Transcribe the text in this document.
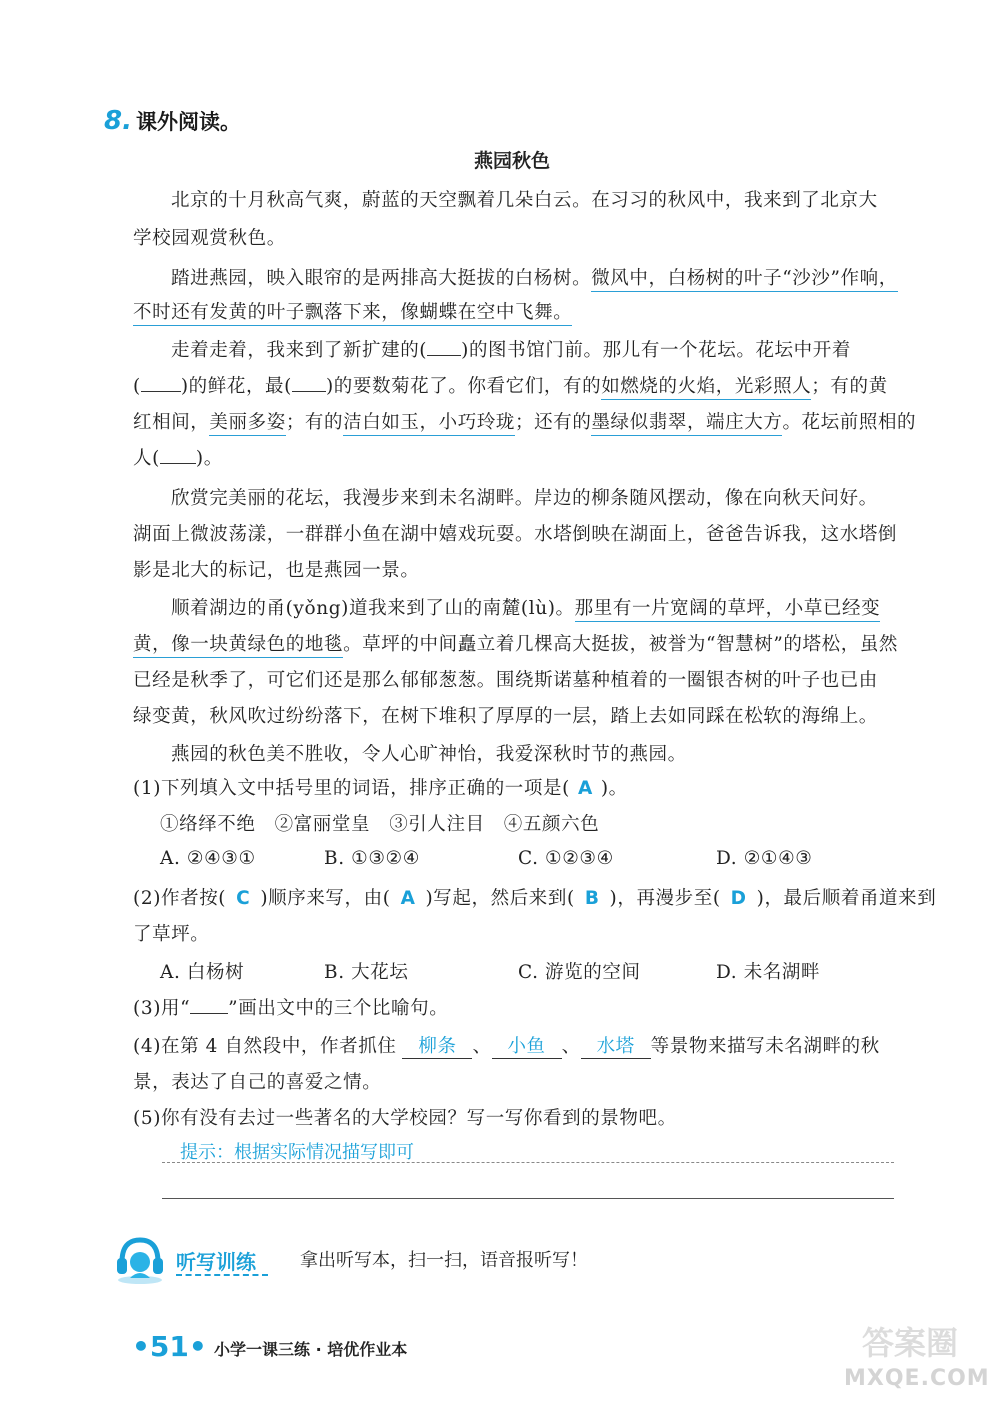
8. 课外阅读。
燕园秋色
北京的十月秋高气爽，蔚蓝的天空飘着几朵白云。在习习的秋风中，我来到了北京大
学校园观赏秋色。
踏进燕园，映入眼帘的是两排高大挺拔的白杨树。微风中，白杨树的叶子“沙沙”作响，
不时还有发黄的叶子飘落下来，像蝴蝶在空中飞舞。
走着走着，我来到了新扩建的( )的图书馆门前。那儿有一个花坛。花坛中开着
( )的鲜花，最( )的要数菊花了。你看它们，有的如燃烧的火焰，光彩照人；有的黄
红相间，美丽多姿；有的洁白如玉，小巧玲珑；还有的墨绿似翡翠，端庄大方。花坛前照相的
人( )。
欣赏完美丽的花坛，我漫步来到未名湖畔。岸边的柳条随风摆动，像在向秋天问好。
湖面上微波荡漾，一群群小鱼在湖中嬉戏玩耍。水塔倒映在湖面上，爸爸告诉我，这水塔倒
影是北大的标记，也是燕园一景。
顺着湖边的甬(yǒng)道我来到了山的南麓(lù)。那里有一片宽阔的草坪，小草已经变
黄，像一块黄绿色的地毯。草坪的中间矗立着几棵高大挺拔，被誉为“智慧树”的塔松，虽然
已经是秋季了，可它们还是那么郁郁葱葱。围绕斯诺墓种植着的一圈银杏树的叶子也已由
绿变黄，秋风吹过纷纷落下，在树下堆积了厚厚的一层，踏上去如同踩在松软的海绵上。
燕园的秋色美不胜收，令人心旷神怡，我爱深秋时节的燕园。
(1)下列填入文中括号里的词语，排序正确的一项是( A )。
①络绎不绝　②富丽堂皇　③引人注目　④五颜六色
A. ②④③①	B. ①③②④	C. ①②③④	D. ②①④③
(2)作者按( C )顺序来写，由( A )写起，然后来到( B )，再漫步至( D )，最后顺着甬道来到
了草坪。
A. 白杨树	B. 大花坛	C. 游览的空间	D. 未名湖畔
(3)用“ ”画出文中的三个比喻句。
(4)在第 4 自然段中，作者抓住 柳条 、 小鱼 、 水塔 等景物来描写未名湖畔的秋
景，表达了自己的喜爱之情。
(5)你有没有去过一些著名的大学校园？写一写你看到的景物吧。
提示：根据实际情况描写即可
听写训练 拿出听写本，扫一扫，语音报听写！
•51• 小学一课三练 · 培优作业本	答案圈
MXQE.COM
